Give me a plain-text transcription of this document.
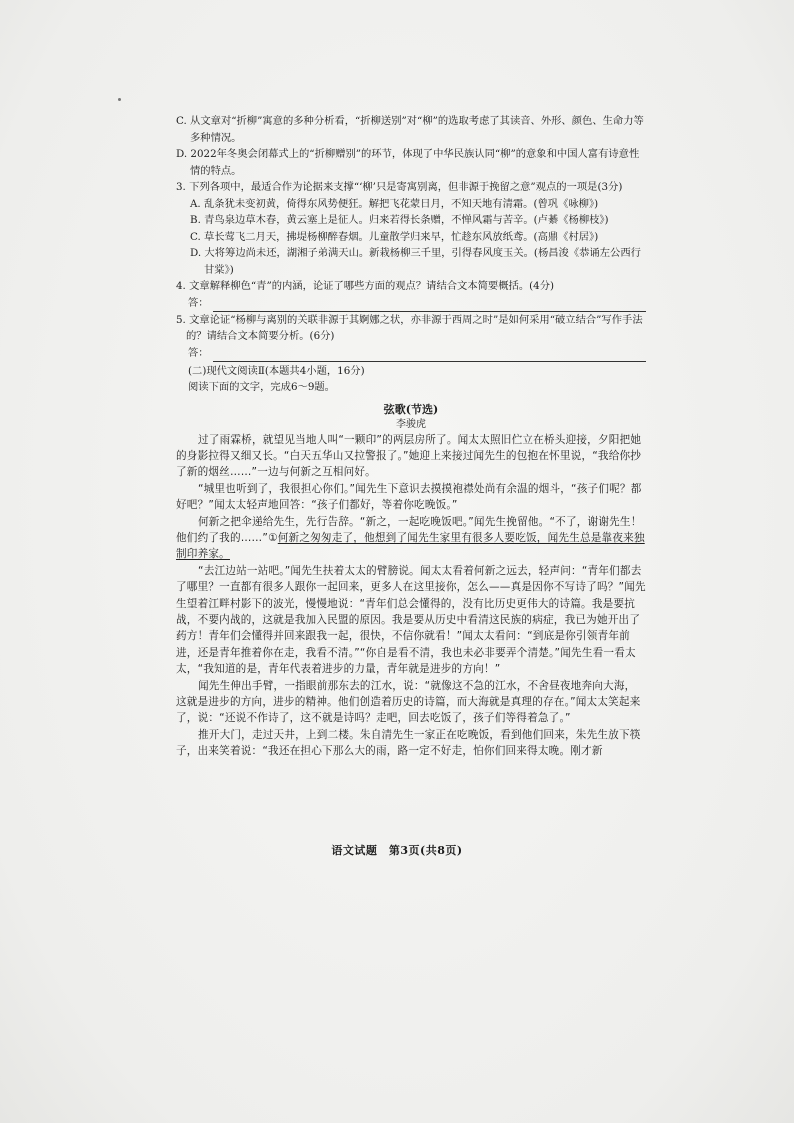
C. 从文章对“折柳”寓意的多种分析看，“折柳送别”对“柳”的选取考虑了其读音、外形、颜色、生命力等多种情况。

D. 2022年冬奥会闭幕式上的“折柳赠别”的环节，体现了中华民族认同“柳”的意象和中国人富有诗意性情的特点。

3. 下列各项中，最适合作为论据来支撑“‘柳’只是寄寓别离，但非源于挽留之意”观点的一项是(3分)

A. 乱条犹未变初黄，倚得东风势便狂。解把飞花蒙日月，不知天地有清霜。(曾巩《咏柳》)

B. 青鸟泉边草木春，黄云塞上是征人。归来若得长条赠，不惮风霜与苦辛。(卢綦《杨柳枝》)

C. 草长莺飞二月天，拂堤杨柳醉春烟。儿童散学归来早，忙趁东风放纸鸢。(高鼎《村居》)

D. 大将筹边尚未还，湖湘子弟满天山。新栽杨柳三千里，引得春风度玉关。(杨昌浚《恭诵左公西行甘棠》)

4. 文章解释柳色“青”的内涵，论证了哪些方面的观点？请结合文本简要概括。(4分)

答：

5. 文章论证“杨柳与离别的关联非源于其婀娜之状，亦非源于西周之时”是如何采用“破立结合”写作手法的？请结合文本简要分析。(6分)

答：

(二)现代文阅读Ⅱ(本题共4小题，16分)

阅读下面的文字，完成6～9题。

弦歌(节选)

李骏虎

过了雨霖桥，就望见当地人叫“一颗印”的两层房所了。闻太太照旧伫立在桥头迎接，夕阳把她的身影拉得又细又长。“白天五华山又拉警报了。”她迎上来接过闻先生的包抱在怀里说，“我给你抄了新的烟丝……”一边与何新之互相问好。

“城里也听到了，我很担心你们。”闻先生下意识去摸摸袍襟处尚有余温的烟斗，“孩子们呢？都好吧？”闻太太轻声地回答：“孩子们都好，等着你吃晚饭。”

何新之把伞递给先生，先行告辞。“新之，一起吃晚饭吧。”闻先生挽留他。“不了，谢谢先生！他们约了我的……”①何新之匆匆走了，他想到了闻先生家里有很多人要吃饭，闻先生总是靠夜来独制印养家。

“去江边站一站吧。”闻先生扶着太太的臂膀说。闻太太看着何新之远去，轻声问：“青年们都去了哪里？一直都有很多人跟你一起回来，更多人在这里接你，怎么——真是因你不写诗了吗？”闻先生望着江畔村影下的波光，慢慢地说：“青年们总会懂得的，没有比历史更伟大的诗篇。我是要抗战，不要内战的，这就是我加入民盟的原因。我是要从历史中看清这民族的病症，我已为她开出了药方！青年们会懂得并回来跟我一起，很快，不信你就看！”闻太太看问：“到底是你引领青年前进，还是青年推着你在走，我看不清。”“你自是看不清，我也未必非要弄个清楚。”闻先生看一看太太，“我知道的是，青年代表着进步的力量，青年就是进步的方向！”

闻先生伸出手臂，一指眼前那东去的江水，说：“就像这不急的江水，不舍昼夜地奔向大海，这就是进步的方向，进步的精神。他们创造着历史的诗篇，而大海就是真理的存在。”闻太太笑起来了，说：“还说不作诗了，这不就是诗吗？走吧，回去吃饭了，孩子们等得着急了。”

推开大门，走过天井，上到二楼。朱自清先生一家正在吃晚饭，看到他们回来，朱先生放下筷子，出来笑着说：“我还在担心下那么大的雨，路一定不好走，怕你们回来得太晚。刚才新

语文试题　第3页(共8页)
